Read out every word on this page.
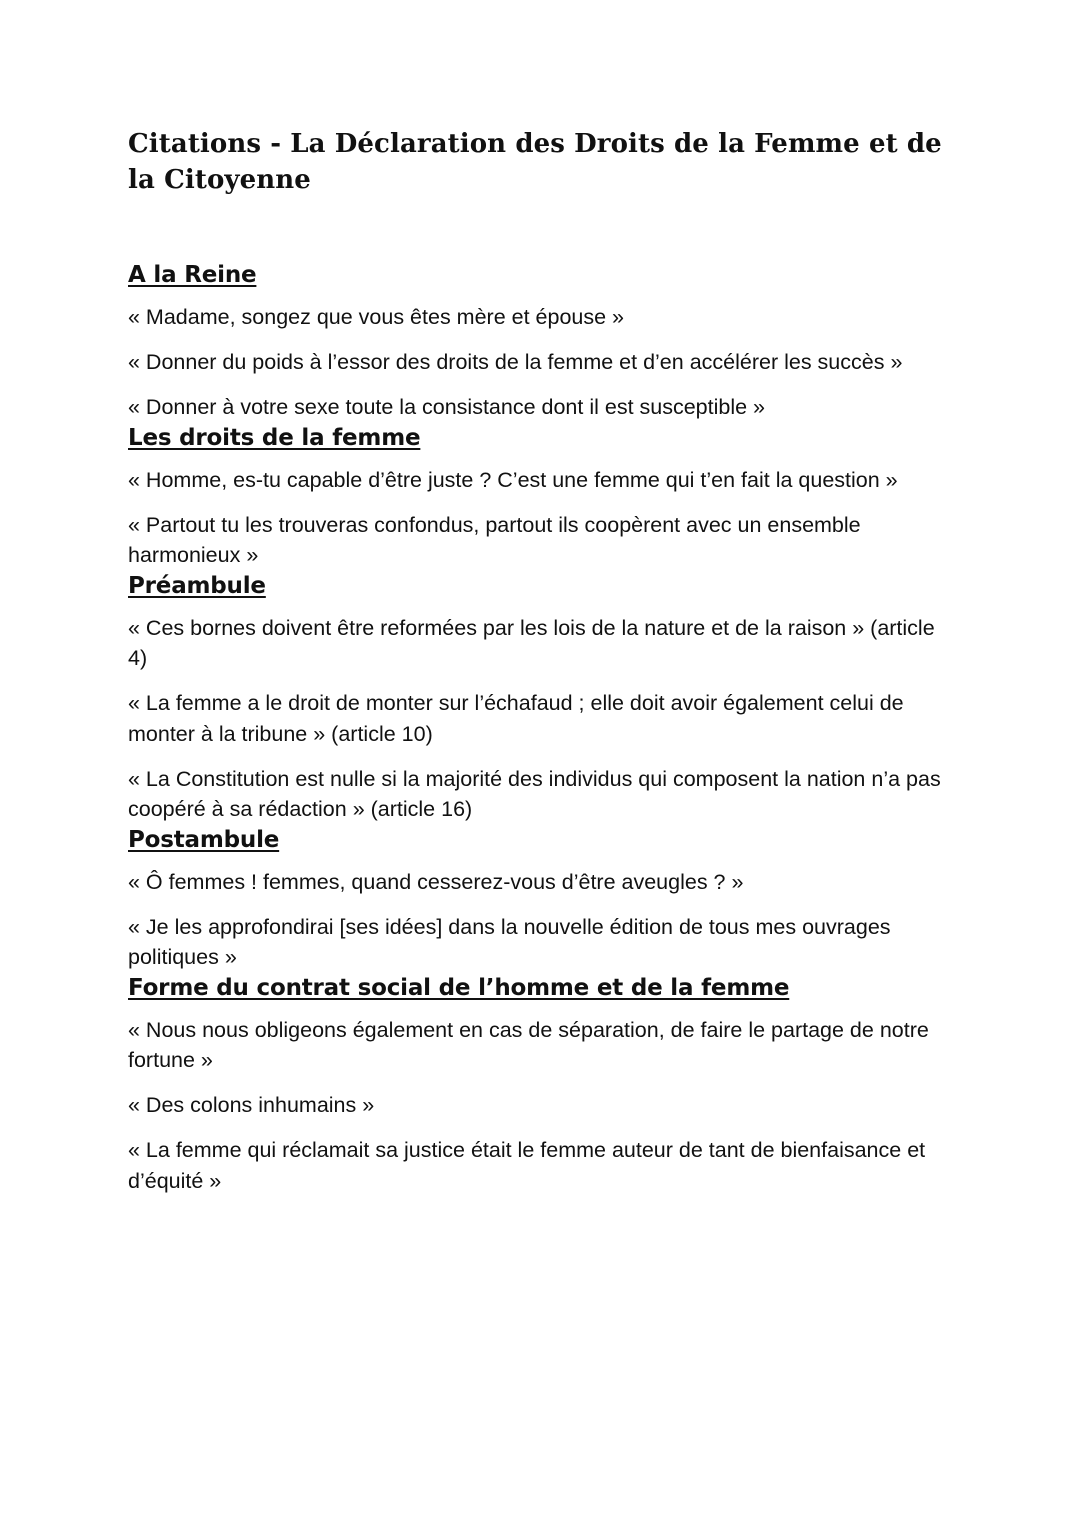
Citations - La Déclaration des Droits de la Femme et de la Citoyenne
A la Reine

« Madame, songez que vous êtes mère et épouse »

« Donner du poids à l’essor des droits de la femme et d’en accélérer les succès »

« Donner à votre sexe toute la consistance dont il est susceptible »

Les droits de la femme

« Homme, es-tu capable d’être juste ? C’est une femme qui t’en fait la question »

« Partout tu les trouveras confondus, partout ils coopèrent avec un ensemble harmonieux »

Préambule

« Ces bornes doivent être reformées par les lois de la nature et de la raison » (article 4)

« La femme a le droit de monter sur l’échafaud ; elle doit avoir également celui de monter à la tribune » (article 10)

« La Constitution est nulle si la majorité des individus qui composent la nation n’a pas coopéré à sa rédaction » (article 16)

Postambule

« Ô femmes ! femmes, quand cesserez-vous d’être aveugles ? »

« Je les approfondirai [ses idées] dans la nouvelle édition de tous mes ouvrages politiques »

Forme du contrat social de l’homme et de la femme

« Nous nous obligeons également en cas de séparation, de faire le partage de notre fortune »

« Des colons inhumains »

« La femme qui réclamait sa justice était le femme auteur de tant de bienfaisance et d’équité »
